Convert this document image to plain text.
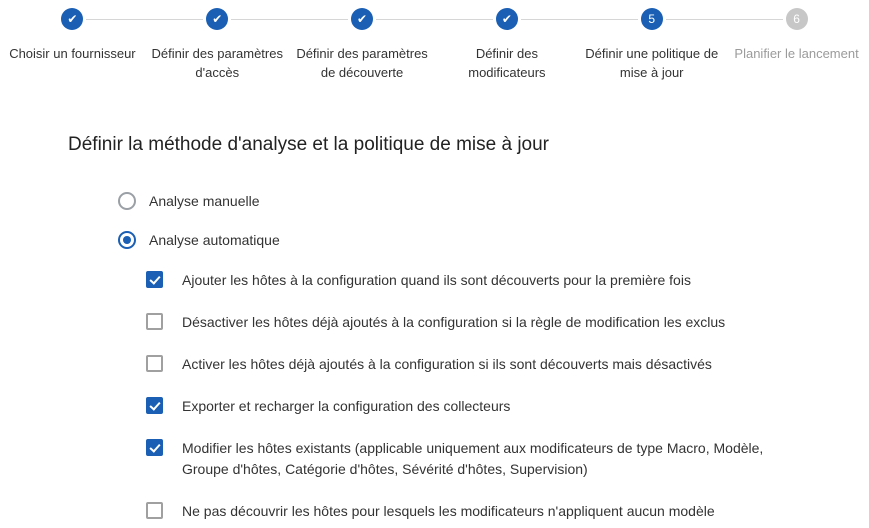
✔
Choisir un fournisseur
✔
Définir des paramètres d'accès
✔
Définir des paramètres de découverte
✔
Définir des modificateurs
5
Définir une politique de mise à jour
6
Planifier le lancement
Définir la méthode d'analyse et la politique de mise à jour
Analyse manuelle
Analyse automatique
Ajouter les hôtes à la configuration quand ils sont découverts pour la première fois
Désactiver les hôtes déjà ajoutés à la configuration si la règle de modification les exclus
Activer les hôtes déjà ajoutés à la configuration si ils sont découverts mais désactivés
Exporter et recharger la configuration des collecteurs
Modifier les hôtes existants (applicable uniquement aux modificateurs de type Macro, Modèle, Groupe d'hôtes, Catégorie d'hôtes, Sévérité d'hôtes, Supervision)
Ne pas découvrir les hôtes pour lesquels les modificateurs n'appliquent aucun modèle
